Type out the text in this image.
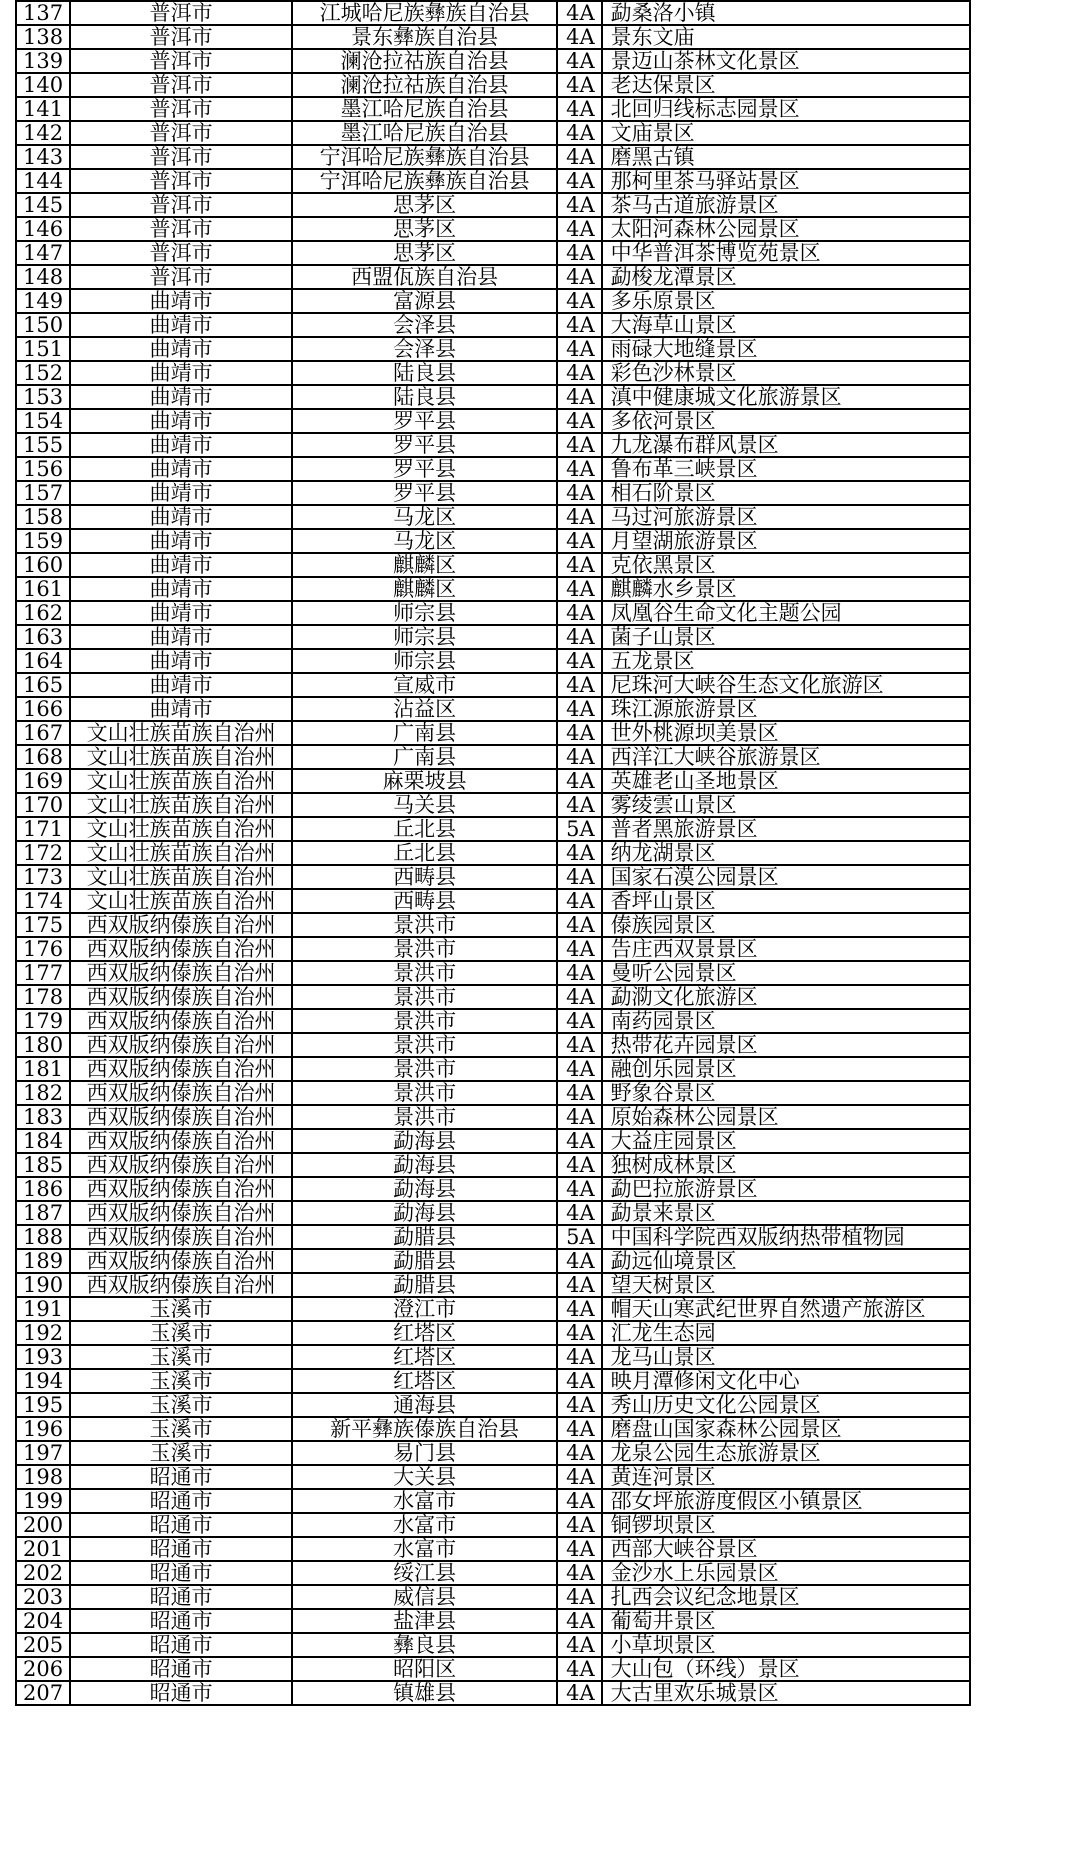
137	普洱市	江城哈尼族彝族自治县	4A	勐桑洛小镇
138	普洱市	景东彝族自治县	4A	景东文庙
139	普洱市	澜沧拉祜族自治县	4A	景迈山茶林文化景区
140	普洱市	澜沧拉祜族自治县	4A	老达保景区
141	普洱市	墨江哈尼族自治县	4A	北回归线标志园景区
142	普洱市	墨江哈尼族自治县	4A	文庙景区
143	普洱市	宁洱哈尼族彝族自治县	4A	磨黑古镇
144	普洱市	宁洱哈尼族彝族自治县	4A	那柯里茶马驿站景区
145	普洱市	思茅区	4A	茶马古道旅游景区
146	普洱市	思茅区	4A	太阳河森林公园景区
147	普洱市	思茅区	4A	中华普洱茶博览苑景区
148	普洱市	西盟佤族自治县	4A	勐梭龙潭景区
149	曲靖市	富源县	4A	多乐原景区
150	曲靖市	会泽县	4A	大海草山景区
151	曲靖市	会泽县	4A	雨碌大地缝景区
152	曲靖市	陆良县	4A	彩色沙林景区
153	曲靖市	陆良县	4A	滇中健康城文化旅游景区
154	曲靖市	罗平县	4A	多依河景区
155	曲靖市	罗平县	4A	九龙瀑布群风景区
156	曲靖市	罗平县	4A	鲁布革三峡景区
157	曲靖市	罗平县	4A	相石阶景区
158	曲靖市	马龙区	4A	马过河旅游景区
159	曲靖市	马龙区	4A	月望湖旅游景区
160	曲靖市	麒麟区	4A	克依黑景区
161	曲靖市	麒麟区	4A	麒麟水乡景区
162	曲靖市	师宗县	4A	凤凰谷生命文化主题公园
163	曲靖市	师宗县	4A	菌子山景区
164	曲靖市	师宗县	4A	五龙景区
165	曲靖市	宣威市	4A	尼珠河大峡谷生态文化旅游区
166	曲靖市	沾益区	4A	珠江源旅游景区
167	文山壮族苗族自治州	广南县	4A	世外桃源坝美景区
168	文山壮族苗族自治州	广南县	4A	西洋江大峡谷旅游景区
169	文山壮族苗族自治州	麻栗坡县	4A	英雄老山圣地景区
170	文山壮族苗族自治州	马关县	4A	雾绫雲山景区
171	文山壮族苗族自治州	丘北县	5A	普者黑旅游景区
172	文山壮族苗族自治州	丘北县	4A	纳龙湖景区
173	文山壮族苗族自治州	西畴县	4A	国家石漠公园景区
174	文山壮族苗族自治州	西畴县	4A	香坪山景区
175	西双版纳傣族自治州	景洪市	4A	傣族园景区
176	西双版纳傣族自治州	景洪市	4A	告庄西双景景区
177	西双版纳傣族自治州	景洪市	4A	曼听公园景区
178	西双版纳傣族自治州	景洪市	4A	勐泐文化旅游区
179	西双版纳傣族自治州	景洪市	4A	南药园景区
180	西双版纳傣族自治州	景洪市	4A	热带花卉园景区
181	西双版纳傣族自治州	景洪市	4A	融创乐园景区
182	西双版纳傣族自治州	景洪市	4A	野象谷景区
183	西双版纳傣族自治州	景洪市	4A	原始森林公园景区
184	西双版纳傣族自治州	勐海县	4A	大益庄园景区
185	西双版纳傣族自治州	勐海县	4A	独树成林景区
186	西双版纳傣族自治州	勐海县	4A	勐巴拉旅游景区
187	西双版纳傣族自治州	勐海县	4A	勐景来景区
188	西双版纳傣族自治州	勐腊县	5A	中国科学院西双版纳热带植物园
189	西双版纳傣族自治州	勐腊县	4A	勐远仙境景区
190	西双版纳傣族自治州	勐腊县	4A	望天树景区
191	玉溪市	澄江市	4A	帽天山寒武纪世界自然遗产旅游区
192	玉溪市	红塔区	4A	汇龙生态园
193	玉溪市	红塔区	4A	龙马山景区
194	玉溪市	红塔区	4A	映月潭修闲文化中心
195	玉溪市	通海县	4A	秀山历史文化公园景区
196	玉溪市	新平彝族傣族自治县	4A	磨盘山国家森林公园景区
197	玉溪市	易门县	4A	龙泉公园生态旅游景区
198	昭通市	大关县	4A	黄连河景区
199	昭通市	水富市	4A	邵女坪旅游度假区小镇景区
200	昭通市	水富市	4A	铜锣坝景区
201	昭通市	水富市	4A	西部大峡谷景区
202	昭通市	绥江县	4A	金沙水上乐园景区
203	昭通市	威信县	4A	扎西会议纪念地景区
204	昭通市	盐津县	4A	葡萄井景区
205	昭通市	彝良县	4A	小草坝景区
206	昭通市	昭阳区	4A	大山包（环线）景区
207	昭通市	镇雄县	4A	大古里欢乐城景区
